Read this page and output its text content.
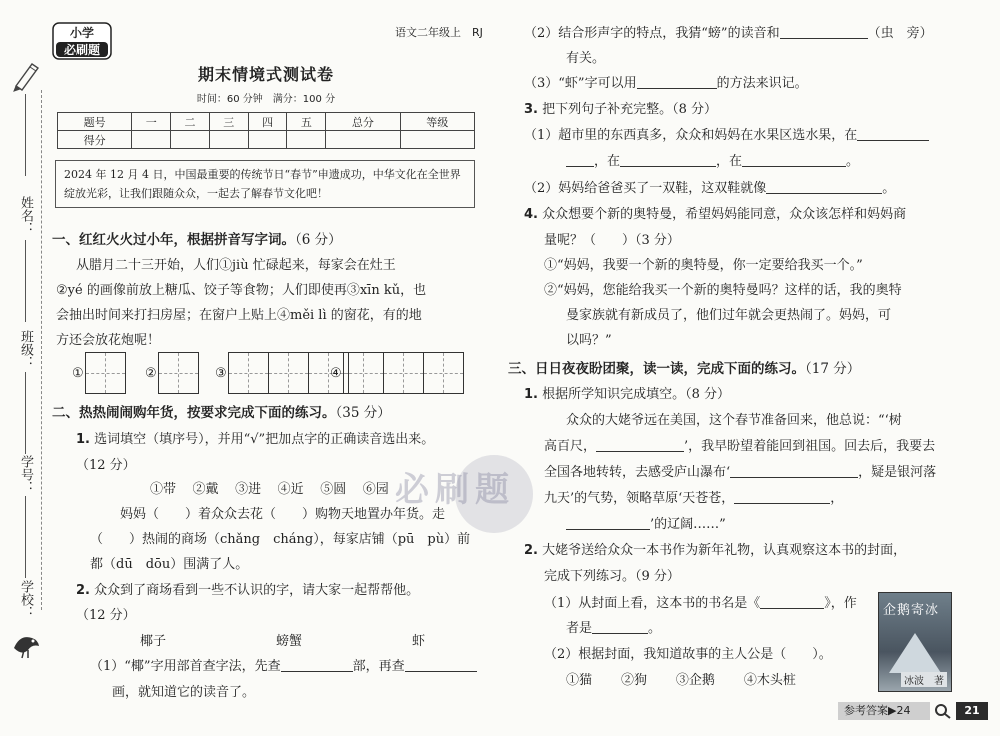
姓名：
班级：
学号：
学校：
小学
必刷题
语文二年级上　RJ
期末情境式测试卷
时间：60 分钟　满分：100 分
题号	一	二	三	四	五	总分	等级
得分							
2024 年 12 月 4 日，中国最重要的传统节日“春节”申遗成功，中华文化在全世界绽放光彩，让我们跟随众众，一起去了解春节文化吧！
一、红红火火过小年，根据拼音写字词。（6 分）
从腊月二十三开始，人们①jiù 忙碌起来，每家会在灶王
②yé 的画像前放上糖瓜、饺子等食物；人们即使再③xīn kǔ，也
会抽出时间来打扫房屋；在窗户上贴上④měi lì 的窗花，有的地
方还会放花炮呢！
①	②	③	④
二、热热闹闹购年货，按要求完成下面的练习。（35 分）
1. 选词填空（填序号），并用“√”把加点字的正确读音选出来。
（12 分）
①带 ②戴 ③进 ④近 ⑤圆 ⑥园
妈妈（　　）着众众去花（　　）购物天地置办年货。走
（　　）热闹的商场（chǎng　cháng），每家店铺（pū　pù）前
都（dū　dōu）围满了人。
必刷题
2. 众众到了商场看到一些不认识的字，请大家一起帮帮他。
（12 分）
椰子	螃蟹	虾
（1）“椰”字用部首查字法，先查	部，再查
画，就知道它的读音了。
（2）结合形声字的特点，我猜“螃”的读音和	（虫　旁）
有关。
（3）“虾”字可以用	的方法来识记。
3. 把下列句子补充完整。（8 分）
（1）超市里的东西真多，众众和妈妈在水果区选水果，在
，在	，在	。
（2）妈妈给爸爸买了一双鞋，这双鞋就像	。
4. 众众想要个新的奥特曼，希望妈妈能同意，众众该怎样和妈妈商
量呢？（　　）（3 分）
①“妈妈，我要一个新的奥特曼，你一定要给我买一个。”
②“妈妈，您能给我买一个新的奥特曼吗？这样的话，我的奥特
曼家族就有新成员了，他们过年就会更热闹了。妈妈，可
以吗？”
三、日日夜夜盼团聚，读一读，完成下面的练习。（17 分）
1. 根据所学知识完成填空。（8 分）
众众的大姥爷远在美国，这个春节准备回来，他总说：“‘树
高百尺，	’，我早盼望着能回到祖国。回去后，我要去
全国各地转转，去感受庐山瀑布‘	，疑是银河落
九天’的气势，领略草原‘天苍苍，	，
’的辽阔……”
2. 大姥爷送给众众一本书作为新年礼物，认真观察这本书的封面，
完成下列练习。（9 分）
（1）从封面上看，这本书的书名是《	》，作
者是	。
（2）根据封面，我知道故事的主人公是（　　）。
①猫 ②狗 ③企鹅 ④木头桩
企鹅寄冰
冰波　著
参考答案▶24	21
